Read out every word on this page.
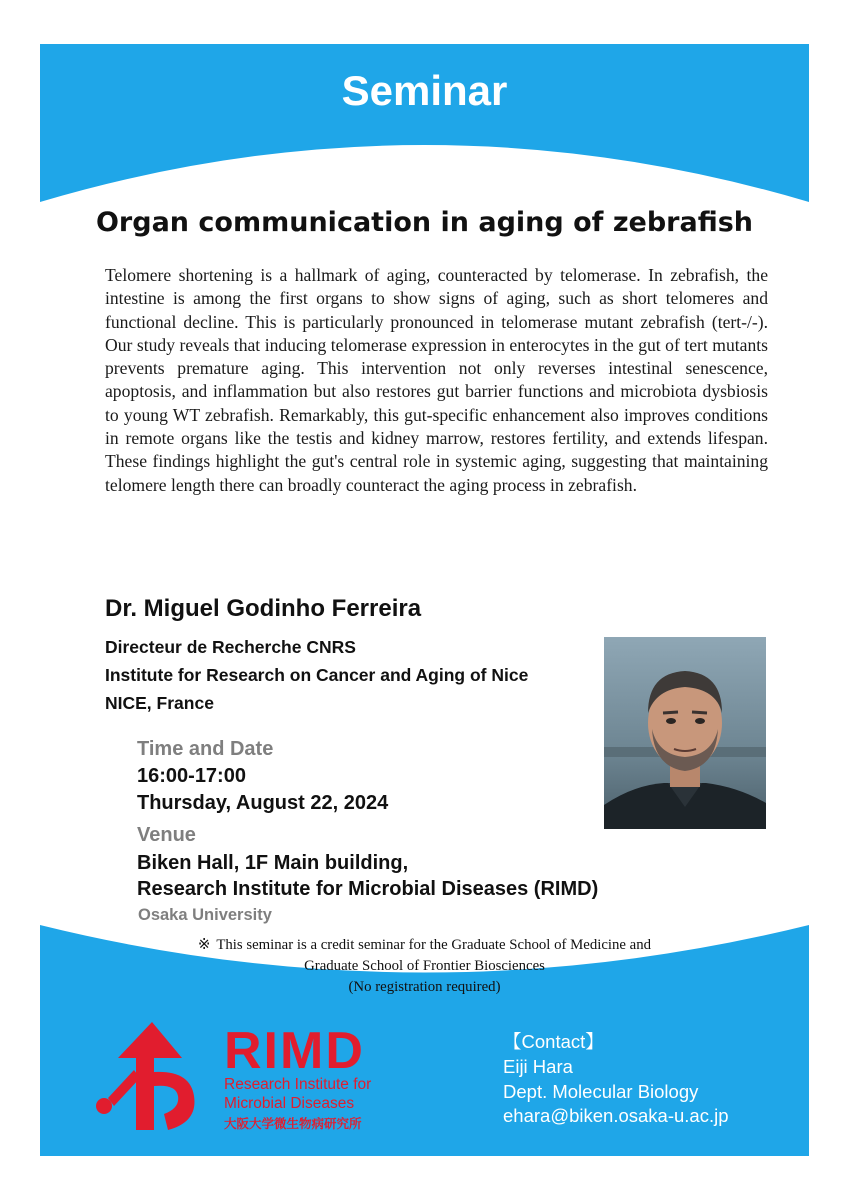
Seminar
Organ communication in aging of zebrafish

Telomere shortening is a hallmark of aging, counteracted by telomerase. In zebrafish, the intestine is among the first organs to show signs of aging, such as short telomeres and functional decline. This is particularly pronounced in telomerase mutant zebrafish (tert-/-). Our study reveals that inducing telomerase expression in enterocytes in the gut of tert mutants prevents premature aging. This intervention not only reverses intestinal senescence, apoptosis, and inflammation but also restores gut barrier functions and microbiota dysbiosis to young WT zebrafish. Remarkably, this gut-specific enhancement also improves conditions in remote organs like the testis and kidney marrow, restores fertility, and extends lifespan. These findings highlight the gut's central role in systemic aging, suggesting that maintaining telomere length there can broadly counteract the aging process in zebrafish.

Dr. Miguel Godinho Ferreira
Directeur de Recherche CNRS
Institute for Research on Cancer and Aging of Nice
NICE, France
Time and Date
16:00-17:00
Thursday, August 22, 2024
Venue
Biken Hall, 1F Main building,
Research Institute for Microbial Diseases (RIMD)
Osaka University
※ This seminar is a credit seminar for the Graduate School of Medicine and
Graduate School of Frontier Biosciences
(No registration required)
RIMD
Research Institute for
Microbial Diseases
大阪大学微生物病研究所
【Contact】
Eiji Hara
Dept. Molecular Biology
ehara@biken.osaka-u.ac.jp
